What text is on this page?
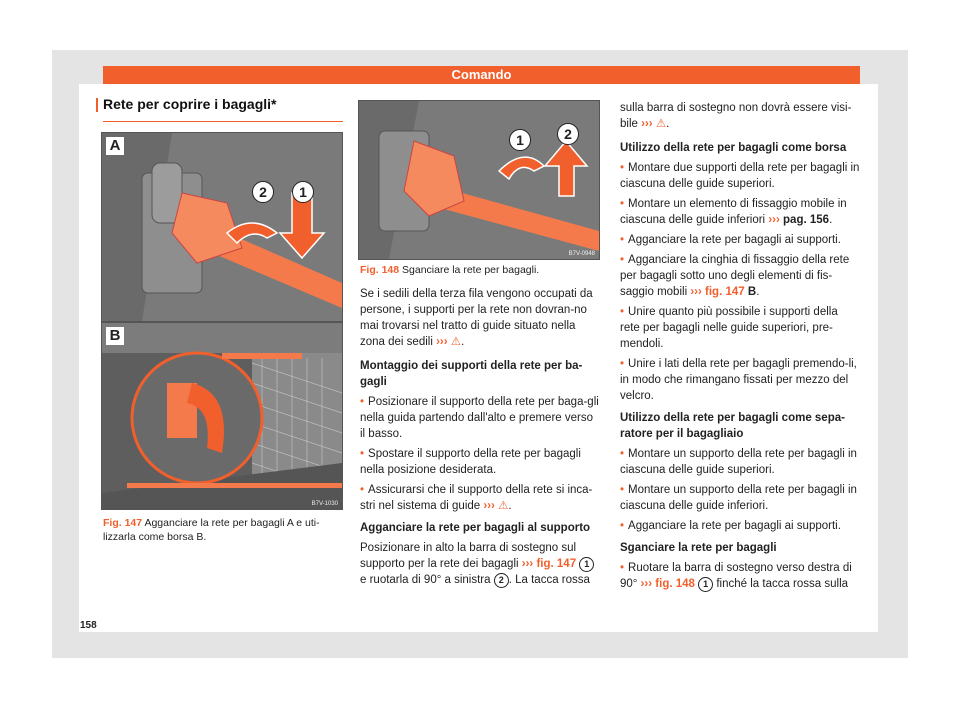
Comando
Rete per coprire i bagagli*
A
2	1
B
B7V-1030
Fig. 147 Agganciare la rete per bagagli A e uti-lizzarla come borsa B.
1	2
B7V-0948
Fig. 148 Sganciare la rete per bagagli.

Se i sedili della terza fila vengono occupati da persone, i supporti per la rete non dovran-no mai trovarsi nel tratto di guide situato nella zona dei sedili ››› ⚠.

Montaggio dei supporti della rete per ba-gagli

• Posizionare il supporto della rete per baga-gli nella guida partendo dall'alto e premere verso il basso.

• Spostare il supporto della rete per bagagli nella posizione desiderata.

• Assicurarsi che il supporto della rete si inca-stri nel sistema di guide ››› ⚠.

Agganciare la rete per bagagli al supporto

Posizionare in alto la barra di sostegno sul supporto per la rete dei bagagli ››› fig. 147 1 e ruotarla di 90° a sinistra 2 . La tacca rossa

sulla barra di sostegno non dovrà essere visi-bile ››› ⚠.

Utilizzo della rete per bagagli come borsa

• Montare due supporti della rete per bagagli in ciascuna delle guide superiori.

• Montare un elemento di fissaggio mobile in ciascuna delle guide inferiori ››› pag. 156.

• Agganciare la rete per bagagli ai supporti.

• Agganciare la cinghia di fissaggio della rete per bagagli sotto uno degli elementi di fis-saggio mobili ››› fig. 147 B.

• Unire quanto più possibile i supporti della rete per bagagli nelle guide superiori, pre-mendoli.

• Unire i lati della rete per bagagli premendo-li, in modo che rimangano fissati per mezzo del velcro.

Utilizzo della rete per bagagli come sepa-ratore per il bagagliaio

• Montare un supporto della rete per bagagli in ciascuna delle guide superiori.

• Montare un supporto della rete per bagagli in ciascuna delle guide inferiori.

• Agganciare la rete per bagagli ai supporti.

Sganciare la rete per bagagli

• Ruotare la barra di sostegno verso destra di 90° ››› fig. 148 1 finché la tacca rossa sulla

158
